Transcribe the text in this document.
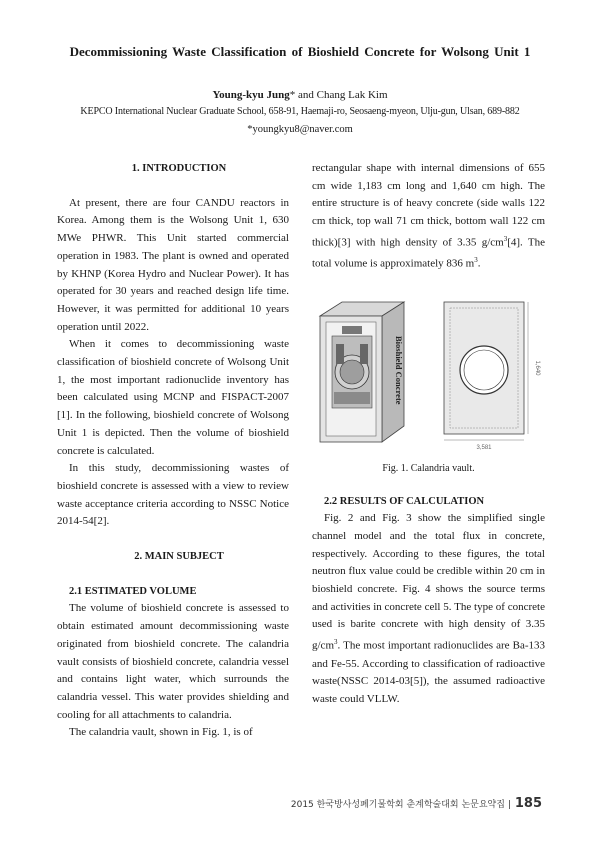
Decommissioning Waste Classification of Bioshield Concrete for Wolsong Unit 1
Young-kyu Jung* and Chang Lak Kim
KEPCO International Nuclear Graduate School, 658-91, Haemaji-ro, Seosaeng-myeon, Ulju-gun, Ulsan, 689-882
*youngkyu8@naver.com

1. INTRODUCTION

At present, there are four CANDU reactors in Korea. Among them is the Wolsong Unit 1, 630 MWe PHWR. This Unit started commercial operation in 1983. The plant is owned and operated by KHNP (Korea Hydro and Nuclear Power). It has operated for 30 years and reached design life time. However, it was permitted for additional 10 years operation until 2022.

When it comes to decommissioning waste classification of bioshield concrete of Wolsong Unit 1, the most important radionuclide inventory has been calculated using MCNP and FISPACT-2007 [1]. In the following, bioshield concrete of Wolsong Unit 1 is depicted. Then the volume of bioshield concrete is calculated.

In this study, decommissioning wastes of bioshield concrete is assessed with a view to review waste acceptance criteria according to NSSC Notice 2014-54[2].

2. MAIN SUBJECT

2.1 ESTIMATED VOLUME

The volume of bioshield concrete is assessed to obtain estimated amount decommissioning waste originated from bioshield concrete. The calandria vault consists of bioshield concrete, calandria vessel and contains light water, which surrounds the calandria vessel. This water provides shielding and cooling for all attachments to calandria.

The calandria vault, shown in Fig. 1, is of

rectangular shape with internal dimensions of 655 cm wide 1,183 cm long and 1,640 cm high. The entire structure is of heavy concrete (side walls 122 cm thick, top wall 71 cm thick, bottom wall 122 cm thick)[3] with high density of 3.35 $g/cm^3[4]$. The total volume is approximately 836 $m^3$.

Bioshield Concrete
3,581
1,640
Fig. 1. Calandria vault.

2.2 RESULTS OF CALCULATION

Fig. 2 and Fig. 3 show the simplified single channel model and the total flux in concrete, respectively. According to these figures, the total neutron flux value could be credible within 20 cm in bioshield concrete. Fig. 4 shows the source terms and activities in concrete cell 5. The type of concrete used is barite concrete with high density of 3.35 $g/cm^3$. The most important radionuclides are Ba-133 and Fe-55. According to classification of radioactive waste(NSSC 2014-03[5]), the assumed radioactive waste could VLLW.

2015 한국방사성폐기물학회 춘계학술대회 논문요약집 | 185
